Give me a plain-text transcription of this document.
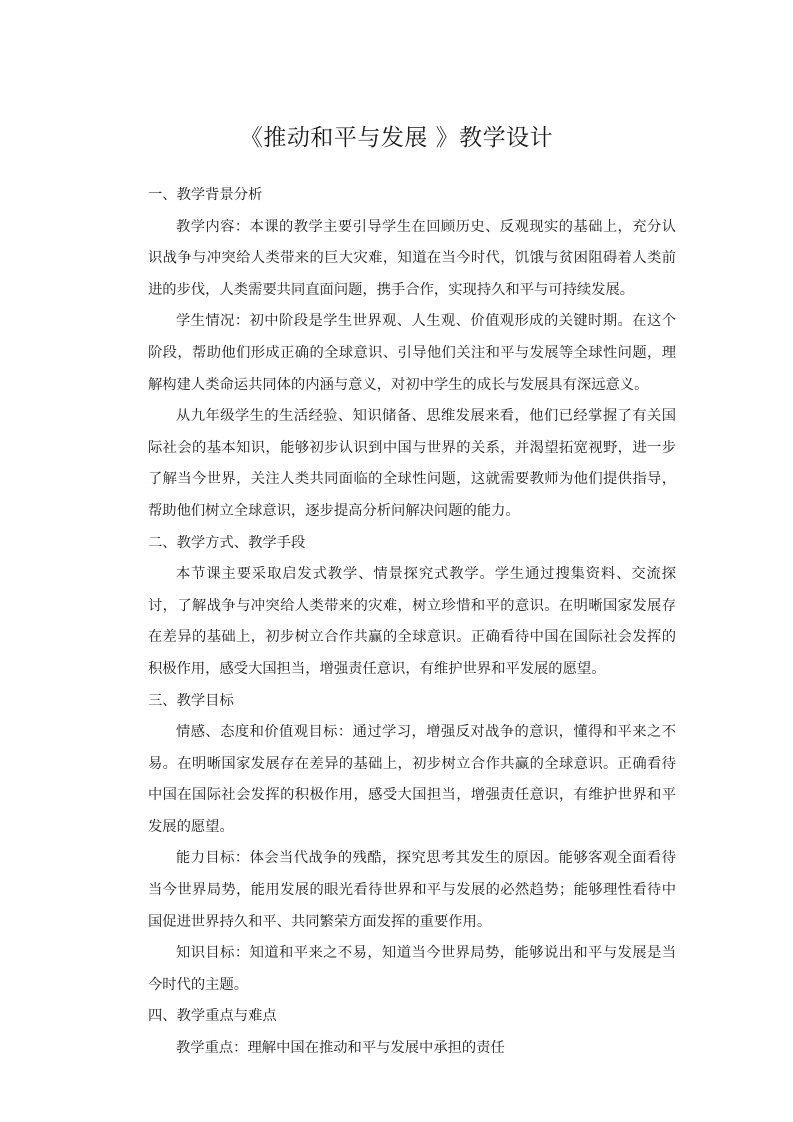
《推动和平与发展 》教学设计

一、教学背景分析

教学内容：本课的教学主要引导学生在回顾历史、反观现实的基础上，充分认识战争与冲突给人类带来的巨大灾难，知道在当今时代，饥饿与贫困阻碍着人类前进的步伐，人类需要共同直面问题，携手合作，实现持久和平与可持续发展。

学生情况：初中阶段是学生世界观、人生观、价值观形成的关键时期。在这个阶段，帮助他们形成正确的全球意识、引导他们关注和平与发展等全球性问题，理解构建人类命运共同体的内涵与意义，对初中学生的成长与发展具有深远意义。

从九年级学生的生活经验、知识储备、思维发展来看，他们已经掌握了有关国际社会的基本知识，能够初步认识到中国与世界的关系，并渴望拓宽视野，进一步了解当今世界，关注人类共同面临的全球性问题，这就需要教师为他们提供指导，帮助他们树立全球意识，逐步提高分析问解决问题的能力。

二、教学方式、教学手段

本节课主要采取启发式教学、情景探究式教学。学生通过搜集资料、交流探讨，了解战争与冲突给人类带来的灾难，树立珍惜和平的意识。在明晰国家发展存在差异的基础上，初步树立合作共赢的全球意识。正确看待中国在国际社会发挥的积极作用，感受大国担当，增强责任意识，有维护世界和平发展的愿望。

三、教学目标

情感、态度和价值观目标：通过学习，增强反对战争的意识，懂得和平来之不易。在明晰国家发展存在差异的基础上，初步树立合作共赢的全球意识。正确看待中国在国际社会发挥的积极作用，感受大国担当，增强责任意识，有维护世界和平发展的愿望。

能力目标：体会当代战争的残酷，探究思考其发生的原因。能够客观全面看待当今世界局势，能用发展的眼光看待世界和平与发展的必然趋势；能够理性看待中国促进世界持久和平、共同繁荣方面发挥的重要作用。

知识目标：知道和平来之不易，知道当今世界局势，能够说出和平与发展是当今时代的主题。

四、教学重点与难点

教学重点：理解中国在推动和平与发展中承担的责任
